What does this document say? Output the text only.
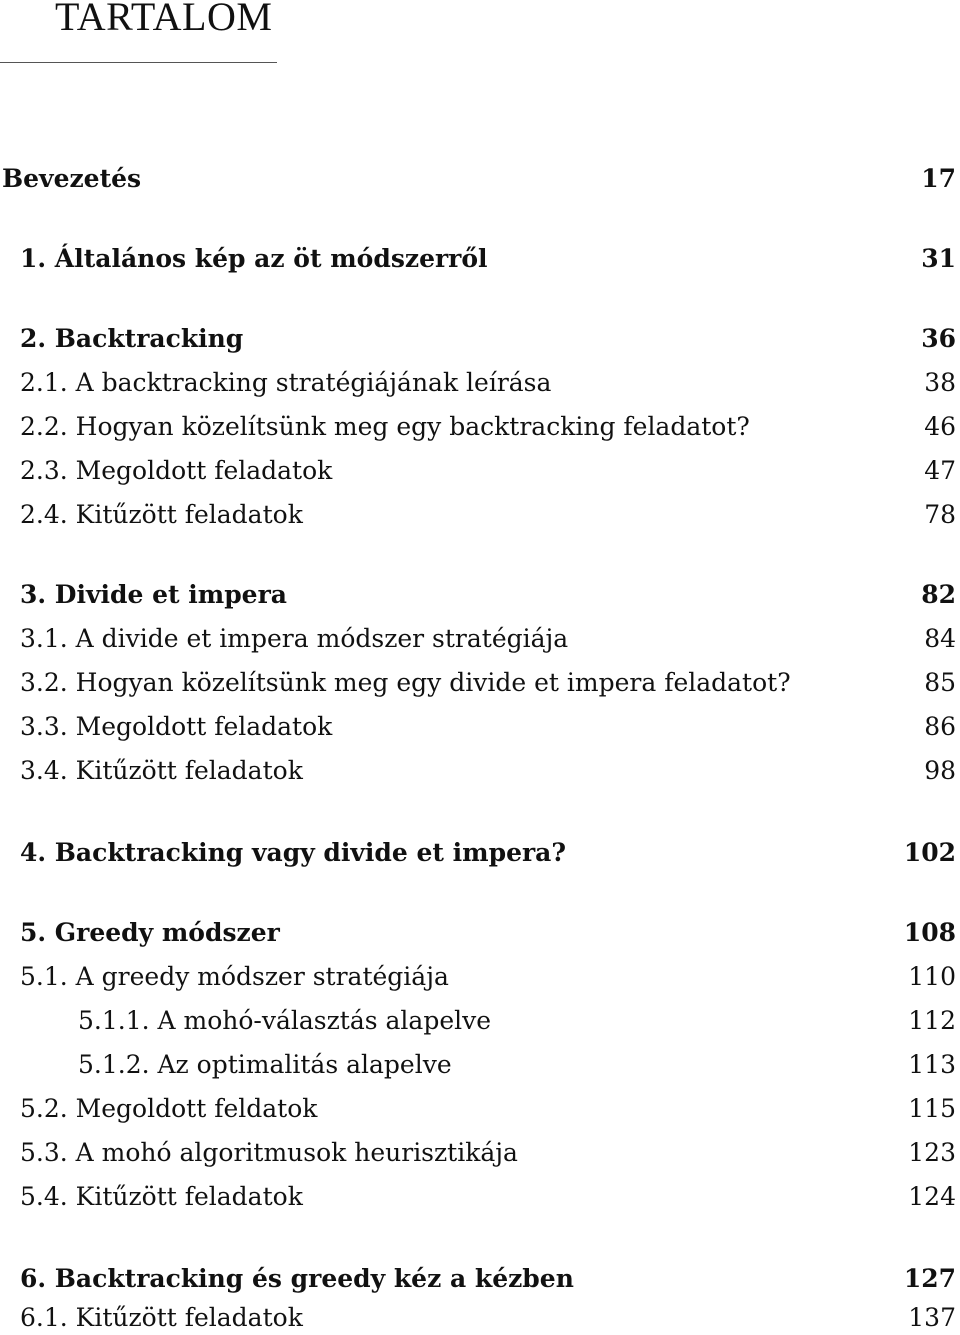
TARTALOM
Bevezetés	17
1. Általános kép az öt módszerről	31
2. Backtracking	36
2.1. A backtracking stratégiájának leírása	38
2.2. Hogyan közelítsünk meg egy backtracking feladatot?	46
2.3. Megoldott feladatok	47
2.4. Kitűzött feladatok	78
3. Divide et impera	82
3.1. A divide et impera módszer stratégiája	84
3.2. Hogyan közelítsünk meg egy divide et impera feladatot?	85
3.3. Megoldott feladatok	86
3.4. Kitűzött feladatok	98
4. Backtracking vagy divide et impera?	102
5. Greedy módszer	108
5.1. A greedy módszer stratégiája	110
5.1.1. A mohó-választás alapelve	112
5.1.2. Az optimalitás alapelve	113
5.2. Megoldott feldatok	115
5.3. A mohó algoritmusok heurisztikája	123
5.4. Kitűzött feladatok	124
6. Backtracking és greedy kéz a kézben	127
6.1. Kitűzött feladatok	137
